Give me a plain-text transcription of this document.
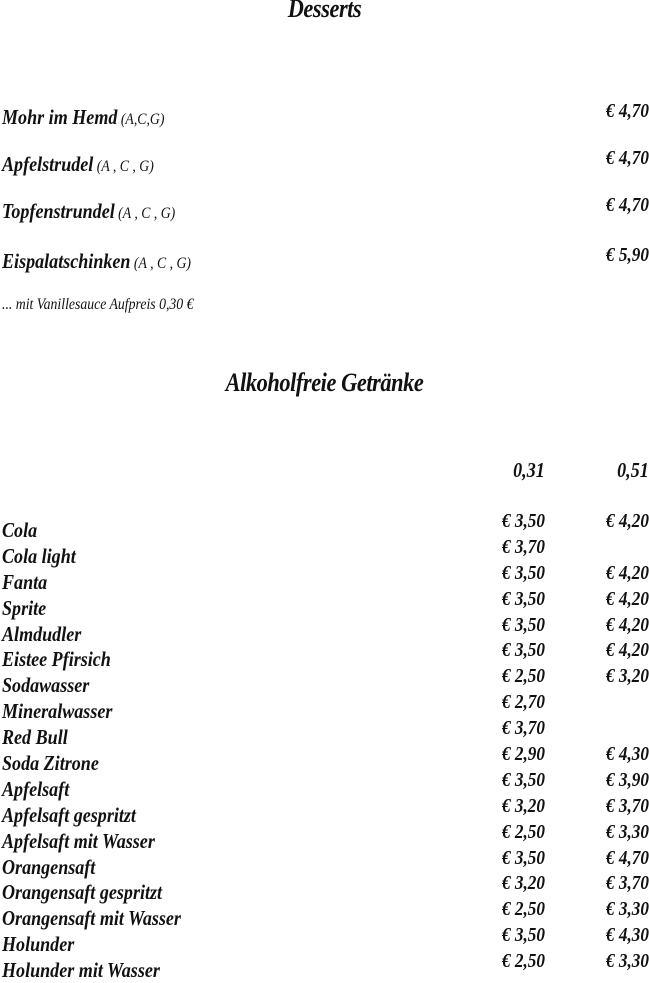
Desserts
Mohr im Hemd (A,C,G)	€ 4,70
Apfelstrudel (A , C , G)	€ 4,70
Topfenstrundel (A , C , G)	€ 4,70
Eispalatschinken (A , C , G)	€ 5,90
... mit Vanillesauce Aufpreis 0,30 €
Alkoholfreie Getränke
0,31	0,51
Cola	€ 3,50	€ 4,20
Cola light	€ 3,70
Fanta	€ 3,50	€ 4,20
Sprite	€ 3,50	€ 4,20
Almdudler	€ 3,50	€ 4,20
Eistee Pfirsich	€ 3,50	€ 4,20
Sodawasser	€ 2,50	€ 3,20
Mineralwasser	€ 2,70
Red Bull	€ 3,70
Soda Zitrone	€ 2,90	€ 4,30
Apfelsaft	€ 3,50	€ 3,90
Apfelsaft gespritzt	€ 3,20	€ 3,70
Apfelsaft mit Wasser	€ 2,50	€ 3,30
Orangensaft	€ 3,50	€ 4,70
Orangensaft gespritzt	€ 3,20	€ 3,70
Orangensaft mit Wasser	€ 2,50	€ 3,30
Holunder	€ 3,50	€ 4,30
Holunder mit Wasser	€ 2,50	€ 3,30
